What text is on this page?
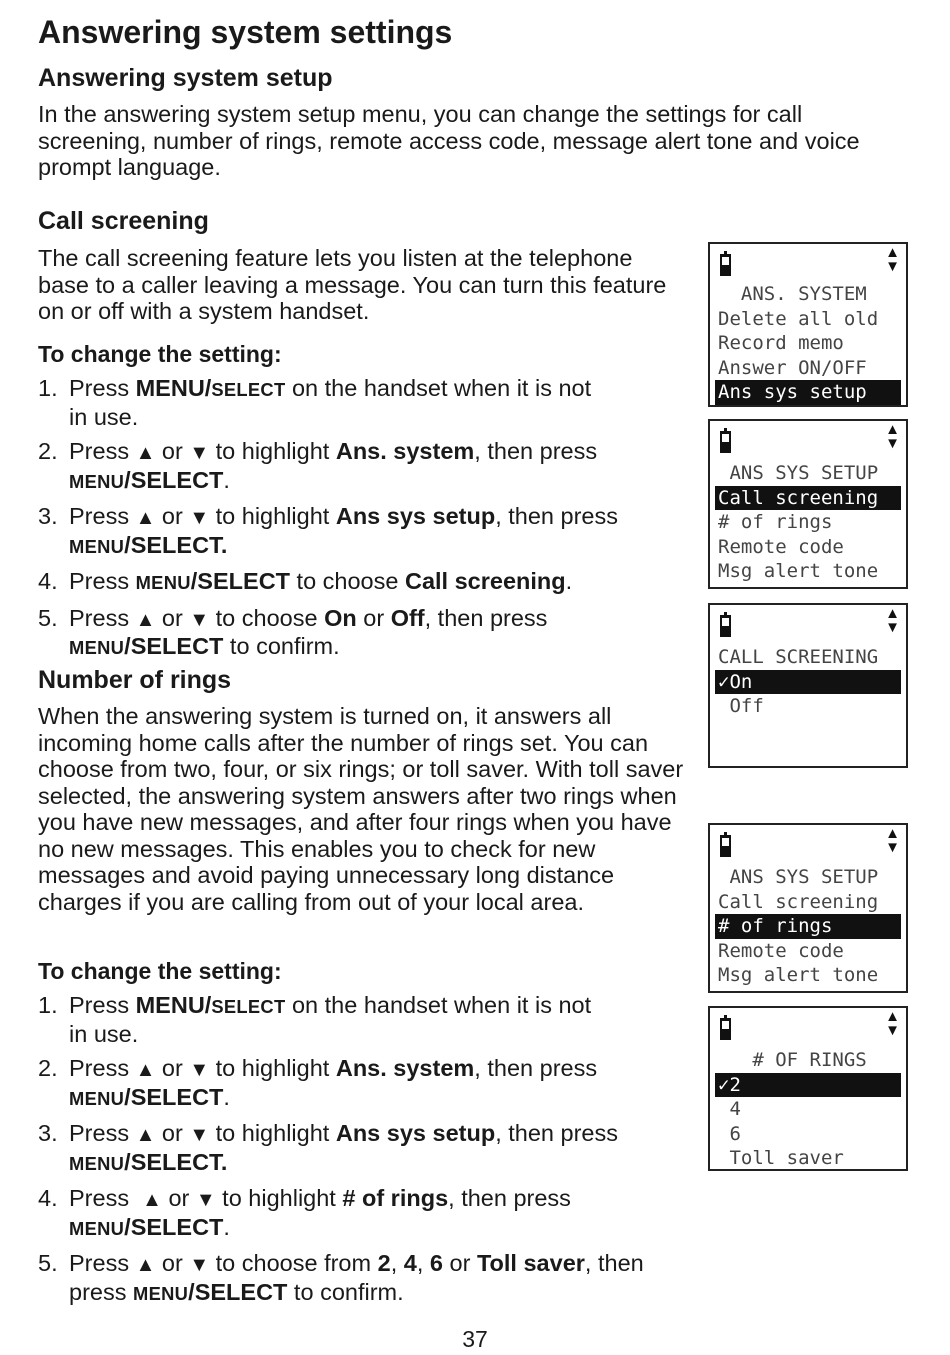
Answering system settings
Answering system setup

In the answering system setup menu, you can change the settings for call screening, number of rings, remote access code, message alert tone and voice prompt language.

Call screening

The call screening feature lets you listen at the telephone base to a caller leaving a message. You can turn this feature on or off with a system handset.

To change the setting:
1. Press MENU/SELECT on the handset when it is not
in use.
2. Press ▲ or ▼ to highlight Ans. system, then press
MENU/SELECT.
3. Press ▲ or ▼ to highlight Ans sys setup, then press
MENU/SELECT.
4. Press MENU/SELECT to choose Call screening.
5. Press ▲ or ▼ to choose On or Off, then press
MENU/SELECT to confirm.
Number of rings

When the answering system is turned on, it answers all incoming home calls after the number of rings set. You can choose from two, four, or six rings; or toll saver. With toll saver selected, the answering system answers after two rings when you have new messages, and after four rings when you have no new messages. This enables you to check for new messages and avoid paying unnecessary long distance charges if you are calling from out of your local area.

To change the setting:
1. Press MENU/SELECT on the handset when it is not
in use.
2. Press ▲ or ▼ to highlight Ans. system, then press
MENU/SELECT.
3. Press ▲ or ▼ to highlight Ans sys setup, then press
MENU/SELECT.
4. Press ▲ or ▼ to highlight # of rings, then press
MENU/SELECT.
5. Press ▲ or ▼ to choose from 2, 4, 6 or Toll saver, then
press MENU/SELECT to confirm.
▲
▼
ANS. SYSTEM
Delete all old
Record memo
Answer ON/OFF
Ans sys setup
▲
▼
ANS SYS SETUP
Call screening
# of rings
Remote code
Msg alert tone
▲
▼
CALL SCREENING
✓On
Off
▲
▼
ANS SYS SETUP
Call screening
# of rings
Remote code
Msg alert tone
▲
▼
# OF RINGS
✓2
4
6
Toll saver
37
